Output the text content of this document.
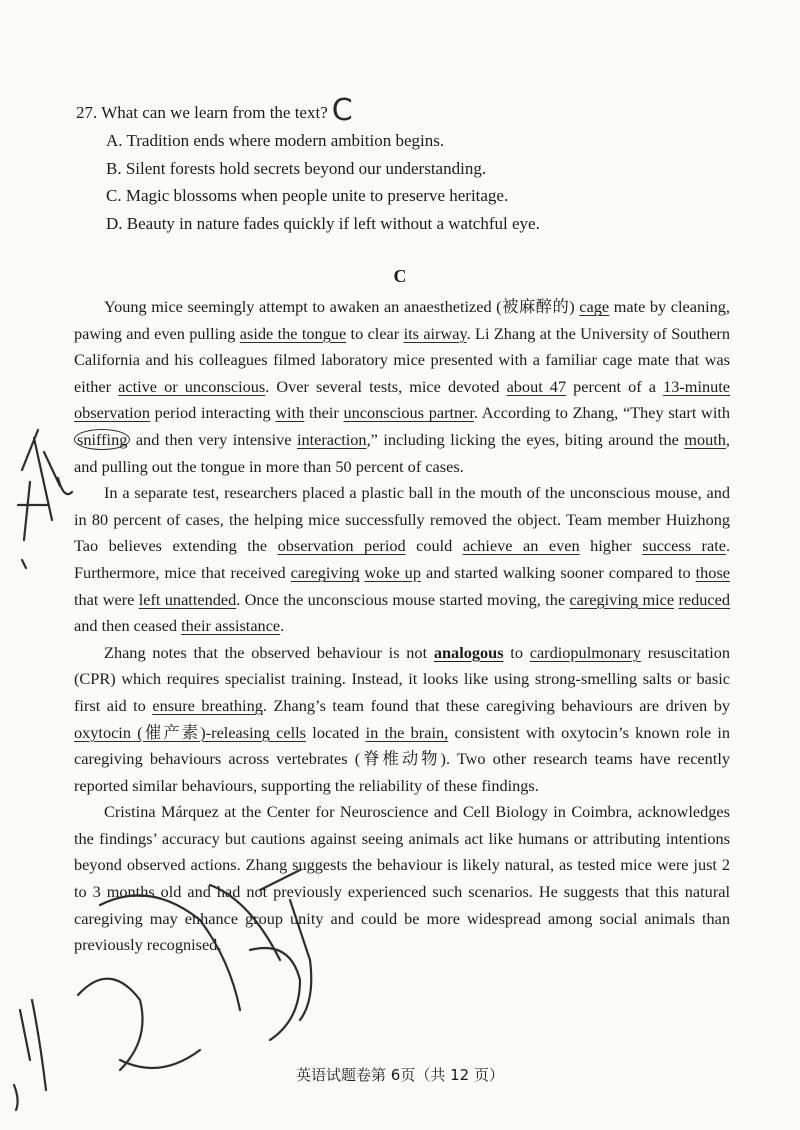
27. What can we learn from the text? C

A. Tradition ends where modern ambition begins.
B. Silent forests hold secrets beyond our understanding.
C. Magic blossoms when people unite to preserve heritage.
D. Beauty in nature fades quickly if left without a watchful eye.
C

Young mice seemingly attempt to awaken an anaesthetized (被麻醉的) cage mate by cleaning, pawing and even pulling aside the tongue to clear its airway. Li Zhang at the University of Southern California and his colleagues filmed laboratory mice presented with a familiar cage mate that was either active or unconscious. Over several tests, mice devoted about 47 percent of a 13-minute observation period interacting with their unconscious partner. According to Zhang, “They start with sniffing and then very intensive interaction,” including licking the eyes, biting around the mouth, and pulling out the tongue in more than 50 percent of cases.

In a separate test, researchers placed a plastic ball in the mouth of the unconscious mouse, and in 80 percent of cases, the helping mice successfully removed the object. Team member Huizhong Tao believes extending the observation period could achieve an even higher success rate. Furthermore, mice that received caregiving woke up and started walking sooner compared to those that were left unattended. Once the unconscious mouse started moving, the caregiving mice reduced and then ceased their assistance.

Zhang notes that the observed behaviour is not analogous to cardiopulmonary resuscitation (CPR) which requires specialist training. Instead, it looks like using strong-smelling salts or basic first aid to ensure breathing. Zhang’s team found that these caregiving behaviours are driven by oxytocin (催产素)-releasing cells located in the brain, consistent with oxytocin’s known role in caregiving behaviours across vertebrates (脊椎动物). Two other research teams have recently reported similar behaviours, supporting the reliability of these findings.

Cristina Márquez at the Center for Neuroscience and Cell Biology in Coimbra, acknowledges the findings’ accuracy but cautions against seeing animals act like humans or attributing intentions beyond observed actions. Zhang suggests the behaviour is likely natural, as tested mice were just 2 to 3 months old and had not previously experienced such scenarios. He suggests that this natural caregiving may enhance group unity and could be more widespread among social animals than previously recognised.

英语试题卷第 6页（共 12 页）
